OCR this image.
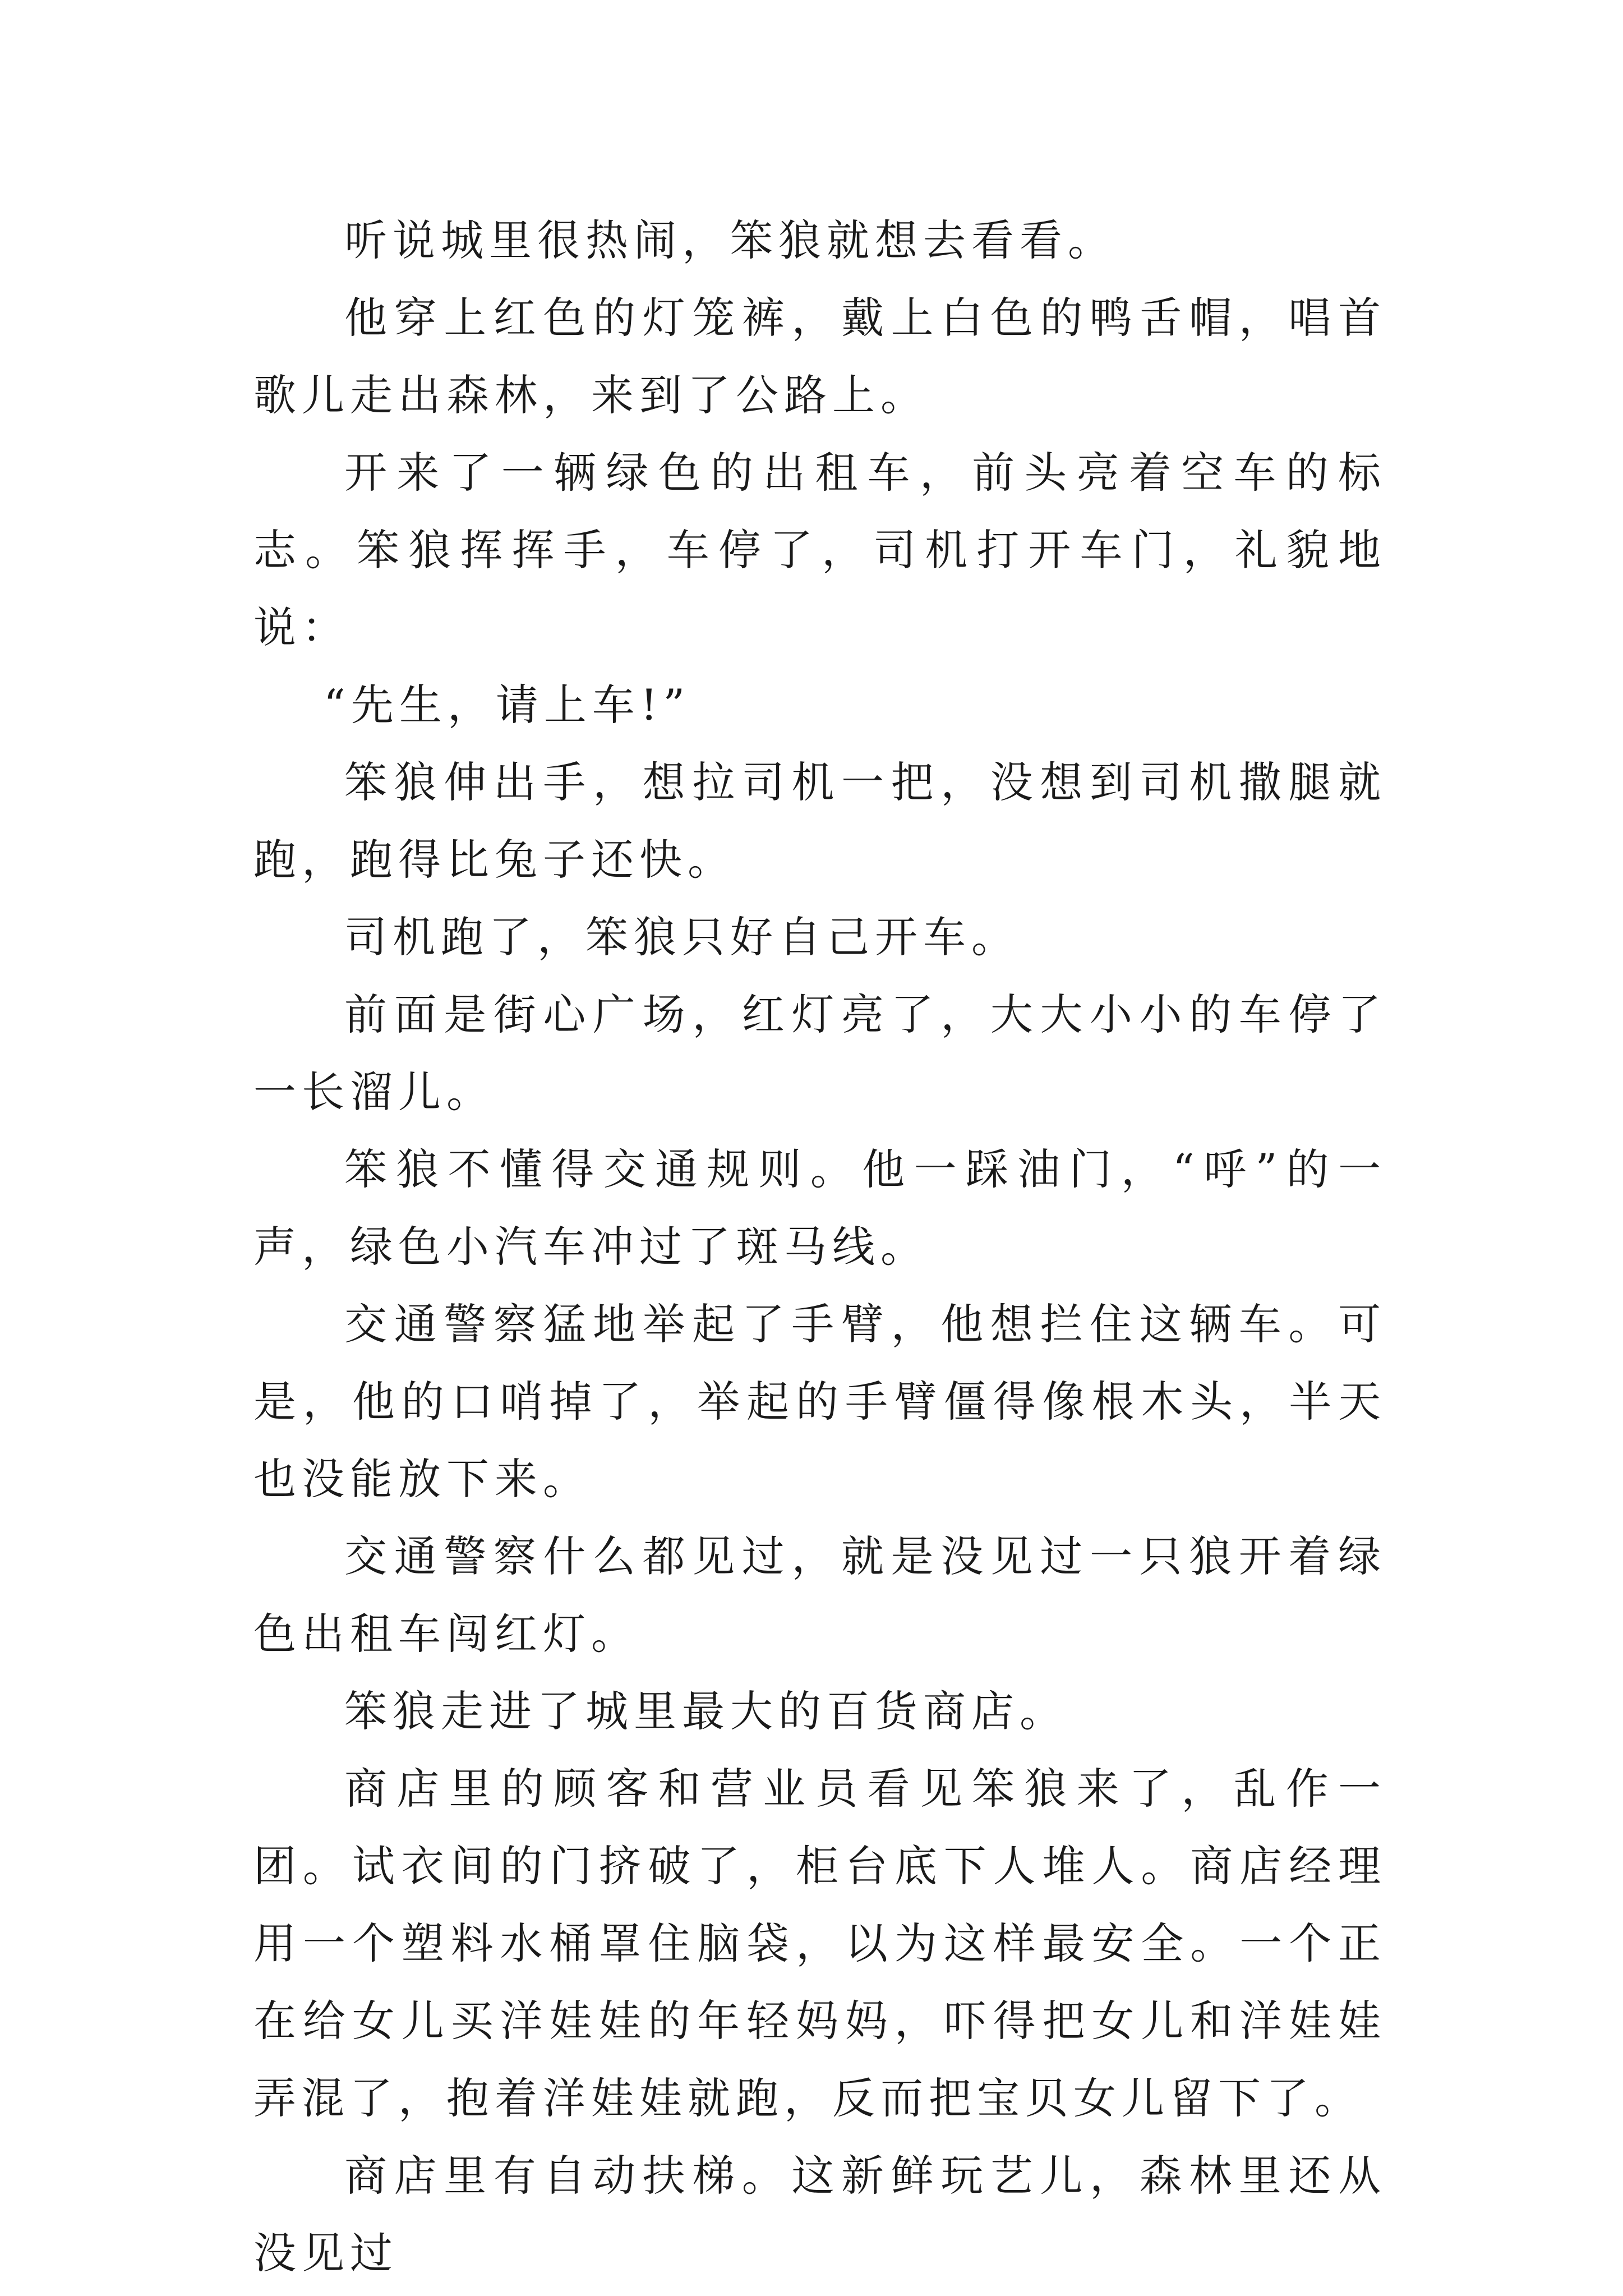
听说城里很热闹，笨狼就想去看看。

他穿上红色的灯笼裤，戴上白色的鸭舌帽，唱首歌儿走出森林，来到了公路上。

开来了一辆绿色的出租车，前头亮着空车的标志。笨狼挥挥手，车停了，司机打开车门，礼貌地说：

“先生，请上车!”

笨狼伸出手，想拉司机一把，没想到司机撒腿就跑，跑得比兔子还快。

司机跑了，笨狼只好自己开车。

前面是街心广场，红灯亮了，大大小小的车停了一长溜儿。

笨狼不懂得交通规则。他一踩油门，“呼”的一声，绿色小汽车冲过了斑马线。

交通警察猛地举起了手臂，他想拦住这辆车。可是，他的口哨掉了，举起的手臂僵得像根木头，半天也没能放下来。

交通警察什么都见过，就是没见过一只狼开着绿色出租车闯红灯。

笨狼走进了城里最大的百货商店。

商店里的顾客和营业员看见笨狼来了，乱作一团。试衣间的门挤破了，柜台底下人堆人。商店经理用一个塑料水桶罩住脑袋，以为这样最安全。一个正在给女儿买洋娃娃的年轻妈妈，吓得把女儿和洋娃娃弄混了，抱着洋娃娃就跑，反而把宝贝女儿留下了。

商店里有自动扶梯。这新鲜玩艺儿，森林里还从没见过
